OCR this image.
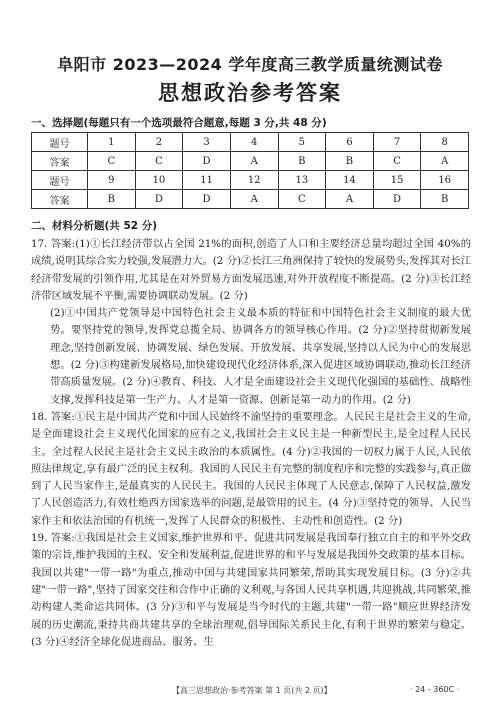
阜阳市 2023—2024 学年度高三教学质量统测试卷
思想政治参考答案
一、选择题(每题只有一个选项最符合题意,每题 3 分,共 48 分)
题号	1	2	3	4	5	6	7	8
答案	C	C	D	A	B	B	C	A
题号	9	10	11	12	13	14	15	16
答案	B	D	D	A	C	A	D	B
二、材料分析题(共 52 分)

17. 答案:(1)①长江经济带以占全国 21%的面积,创造了人口和主要经济总量均超过全国 40%的成绩,说明其综合实力较强,发展潜力大。(2 分)②长江三角洲保持了较快的发展势头,发挥其对长江经济带发展的引领作用,尤其是在对外贸易方面发展迅速,对外开放程度不断提高。(2 分)③长江经济带区域发展不平衡,需要协调联动发展。(2 分)

(2)①中国共产党领导是中国特色社会主义最本质的特征和中国特色社会主义制度的最大优势。要坚持党的领导,发挥党总揽全局、协调各方的领导核心作用。(2 分)②坚持贯彻新发展理念,坚持创新发展、协调发展、绿色发展、开放发展、共享发展,坚持以人民为中心的发展思想。(2 分)③构建新发展格局,加快建设现代化经济体系,深入促进区域协调联动,推动长江经济带高质量发展。(2 分)④教育、科技、人才是全面建设社会主义现代化强国的基础性、战略性支撑,发挥科技是第一生产力、人才是第一资源、创新是第一动力的作用。(2 分)

18. 答案:①民主是中国共产党和中国人民始终不渝坚持的重要理念。人民民主是社会主义的生命,是全面建设社会主义现代化国家的应有之义,我国社会主义民主是一种新型民主,是全过程人民民主。全过程人民民主是社会主义民主政治的本质属性。(4 分)②我国的一切权力属于人民,人民依照法律规定,享有最广泛的民主权利。我国的人民民主有完整的制度程序和完整的实践参与,真正做到了人民当家作主,是最真实的人民民主。我国的人民民主体现了人民意志,保障了人民权益,激发了人民创造活力,有效杜绝西方国家选举的问题,是最管用的民主。(4 分)③坚持党的领导、人民当家作主和依法治国的有机统一,发挥了人民群众的积极性、主动性和创造性。(2 分)

19. 答案:①我国是社会主义国家,维护世界和平、促进共同发展是我国奉行独立自主的和平外交政策的宗旨,维护我国的主权、安全和发展利益,促进世界的和平与发展是我国外交政策的基本目标。我国以共建"一带一路"为重点,推动中国与共建国家共同繁荣,帮助其实现发展目标。(3 分)②共建"一带一路",坚持了国家交往和合作中正确的义利观,与各国人民共享机遇,共迎挑战,共同繁荣,推动构建人类命运共同体。(3 分)③和平与发展是当今时代的主题,共建"一带一路"顺应世界经济发展的历史潮流,秉持共商共建共享的全球治理观,倡导国际关系民主化,有利于世界的繁荣与稳定。(3 分)④经济全球化促进商品、服务、生

【高三思想政治·参考答案 第 1 页(共 2 页)】	· 24 - 360C ·
